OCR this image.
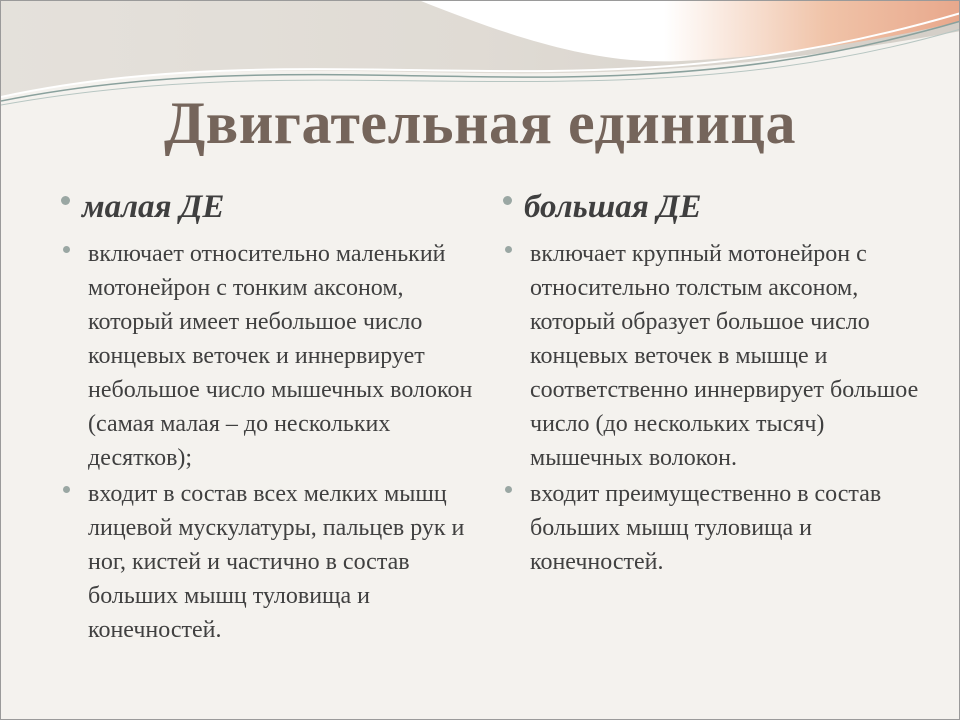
Двигательная единица
малая ДЕ
включает относительно маленький мотонейрон с тонким аксоном, который имеет небольшое число концевых веточек и иннервирует небольшое число мышечных волокон (самая малая – до нескольких десятков);
входит в состав всех мелких мышц лицевой мускулатуры, пальцев рук и ног, кистей и частично в состав больших мышц туловища и конечностей.
большая ДЕ
включает крупный мотонейрон с относительно толстым аксоном, который образует большое число концевых веточек в мышце и соответственно иннервирует большое число (до нескольких тысяч) мышечных волокон.
входит преимущественно в состав больших мышц туловища и конечностей.
